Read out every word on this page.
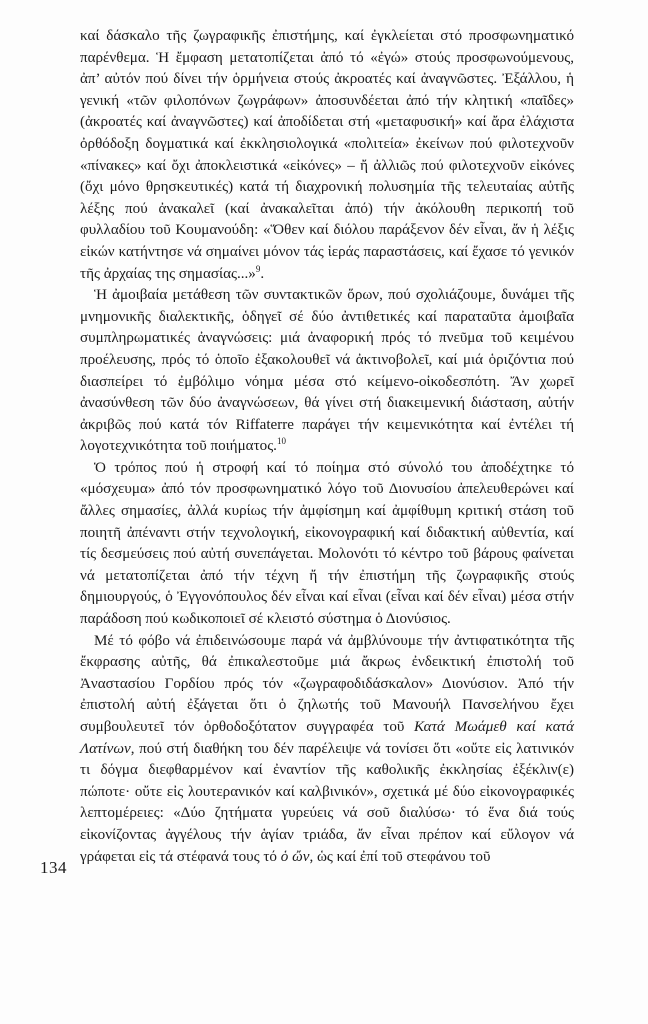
καί δάσκαλο τῆς ζωγραφικῆς ἐπιστήμης, καί ἐγκλείεται στό προσφωνηματικό παρένθεμα. Ἡ ἔμφαση μετατοπίζεται ἀπό τό «ἐγώ» στούς προσφωνούμενους, ἀπ’ αὐτόν πού δίνει τήν ὁρμήνεια στούς ἀκροατές καί ἀναγνῶστες. Ἐξάλλου, ἡ γενική «τῶν φιλοπόνων ζωγράφων» ἀποσυνδέεται ἀπό τήν κλητική «παῖδες» (ἀκροατές καί ἀναγνῶστες) καί ἀποδίδεται στή «μεταφυσική» καί ἄρα ἐλάχιστα ὀρθόδοξη δογματικά καί ἐκκλησιολογικά «πολιτεία» ἐκείνων πού φιλοτεχνοῦν «πίνακες» καί ὄχι ἀποκλειστικά «εἰκόνες» – ἤ ἀλλιῶς πού φιλοτεχνοῦν εἰκόνες (ὄχι μόνο θρησκευτικές) κατά τή διαχρονική πολυσημία τῆς τελευταίας αὐτῆς λέξης πού ἀνακαλεῖ (καί ἀνακαλεῖται ἀπό) τήν ἀκόλουθη περικοπή τοῦ φυλλαδίου τοῦ Κουμανούδη: «Ὅθεν καί διόλου παράξενον δέν εἶναι, ἄν ἡ λέξις εἰκών κατήντησε νά σημαίνει μόνον τάς ἱεράς παραστάσεις, καί ἔχασε τό γενικόν τῆς ἀρχαίας της σημασίας...»$^9$.

Ἡ ἀμοιβαία μετάθεση τῶν συντακτικῶν ὅρων, πού σχολιάζουμε, δυνάμει τῆς μνημονικῆς διαλεκτικῆς, ὁδηγεῖ σέ δύο ἀντιθετικές καί παραταῦτα ἀμοιβαῖα συμπληρωματικές ἀναγνώσεις: μιά ἀναφορική πρός τό πνεῦμα τοῦ κειμένου προέλευσης, πρός τό ὁποῖο ἐξακολουθεῖ νά ἀκτινοβολεῖ, καί μιά ὁριζόντια πού διασπείρει τό ἐμβόλιμο νόημα μέσα στό κείμενο-οἰκοδεσπότη. Ἄν χωρεῖ ἀνασύνθεση τῶν δύο ἀναγνώσεων, θά γίνει στή διακειμενική διάσταση, αὐτήν ἀκριβῶς πού κατά τόν Riffaterre παράγει τήν κειμενικότητα καί ἐντέλει τή λογοτεχνικότητα τοῦ ποιήματος.$^{10}$

Ὁ τρόπος πού ἡ στροφή καί τό ποίημα στό σύνολό του ἀποδέχτηκε τό «μόσχευμα» ἀπό τόν προσφωνηματικό λόγο τοῦ Διονυσίου ἀπελευθερώνει καί ἄλλες σημασίες, ἀλλά κυρίως τήν ἀμφίσημη καί ἀμφίθυμη κριτική στάση τοῦ ποιητῆ ἀπέναντι στήν τεχνολογική, εἰκονογραφική καί διδακτική αὐθεντία, καί τίς δεσμεύσεις πού αὐτή συνεπάγεται. Μολονότι τό κέντρο τοῦ βάρους φαίνεται νά μετατοπίζεται ἀπό τήν τέχνη ἤ τήν ἐπιστήμη τῆς ζωγραφικῆς στούς δημιουργούς, ὁ Ἐγγονόπουλος δέν εἶναι καί εἶναι (εἶναι καί δέν εἶναι) μέσα στήν παράδοση πού κωδικοποιεῖ σέ κλειστό σύστημα ὁ Διονύσιος.

Μέ τό φόβο νά ἐπιδεινώσουμε παρά νά ἀμβλύνουμε τήν ἀντιφατικότητα τῆς ἔκφρασης αὐτῆς, θά ἐπικαλεστοῦμε μιά ἄκρως ἐνδεικτική ἐπιστολή τοῦ Ἀναστασίου Γορδίου πρός τόν «ζωγραφοδιδάσκαλον» Διονύσιον. Ἀπό τήν ἐπιστολή αὐτή ἐξάγεται ὅτι ὁ ζηλωτής τοῦ Μανουήλ Πανσελήνου ἔχει συμβουλευτεῖ τόν ὀρθοδοξότατον συγγραφέα τοῦ Κατά Μωάμεθ καί κατά Λατίνων, πού στή διαθήκη του δέν παρέλειψε νά τονίσει ὅτι «οὔτε εἰς λατινικόν τι δόγμα διεφθαρμένον καί ἐναντίον τῆς καθολικῆς ἐκκλησίας ἐξέκλιν(ε) πώποτε· οὔτε εἰς λουτερανικόν καί καλβινικόν», σχετικά μέ δύο εἰκονογραφικές λεπτομέρειες: «Δύο ζητήματα γυρεύεις νά σοῦ διαλύσω· τό ἕνα διά τούς εἰκονίζοντας ἀγγέλους τήν ἁγίαν τριάδα, ἄν εἶναι πρέπον καί εὔλογον νά γράφεται εἰς τά στέφανά τους τό ὁ ὤν, ὡς καί ἐπί τοῦ στεφάνου τοῦ

134
